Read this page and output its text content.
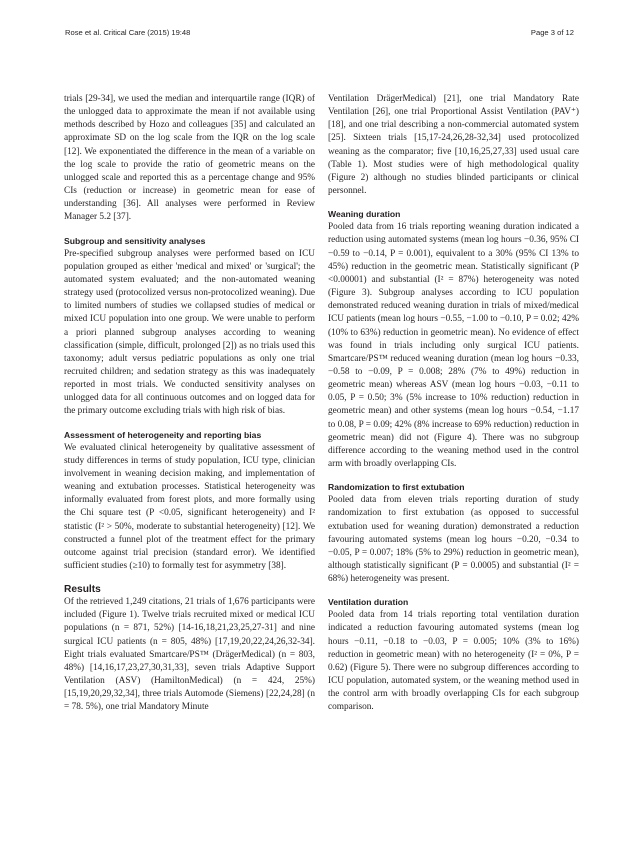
Rose et al. Critical Care (2015) 19:48	Page 3 of 12

trials [29-34], we used the median and interquartile range (IQR) of the unlogged data to approximate the mean if not available using methods described by Hozo and colleagues [35] and calculated an approximate SD on the log scale from the IQR on the log scale [12]. We exponentiated the difference in the mean of a variable on the log scale to provide the ratio of geometric means on the unlogged scale and reported this as a percentage change and 95% CIs (reduction or increase) in geometric mean for ease of understanding [36]. All analyses were performed in Review Manager 5.2 [37].

Subgroup and sensitivity analyses

Pre-specified subgroup analyses were performed based on ICU population grouped as either 'medical and mixed' or 'surgical'; the automated system evaluated; and the non-automated weaning strategy used (protocolized versus non-protocolized weaning). Due to limited numbers of studies we collapsed studies of medical or mixed ICU population into one group. We were unable to perform a priori planned subgroup analyses according to weaning classification (simple, difficult, prolonged [2]) as no trials used this taxonomy; adult versus pediatric populations as only one trial recruited children; and sedation strategy as this was inadequately reported in most trials. We conducted sensitivity analyses on unlogged data for all continuous outcomes and on logged data for the primary outcome excluding trials with high risk of bias.

Assessment of heterogeneity and reporting bias

We evaluated clinical heterogeneity by qualitative assessment of study differences in terms of study population, ICU type, clinician involvement in weaning decision making, and implementation of weaning and extubation processes. Statistical heterogeneity was informally evaluated from forest plots, and more formally using the Chi square test (P <0.05, significant heterogeneity) and I² statistic (I² > 50%, moderate to substantial heterogeneity) [12]. We constructed a funnel plot of the treatment effect for the primary outcome against trial precision (standard error). We identified sufficient studies (≥10) to formally test for asymmetry [38].

Results

Of the retrieved 1,249 citations, 21 trials of 1,676 participants were included (Figure 1). Twelve trials recruited mixed or medical ICU populations (n = 871, 52%) [14-16,18,21,23,25,27-31] and nine surgical ICU patients (n = 805, 48%) [17,19,20,22,24,26,32-34]. Eight trials evaluated Smartcare/PS™ (DrägerMedical) (n = 803, 48%) [14,16,17,23,27,30,31,33], seven trials Adaptive Support Ventilation (ASV) (HamiltonMedical) (n = 424, 25%) [15,19,20,29,32,34], three trials Automode (Siemens) [22,24,28] (n = 78. 5%), one trial Mandatory Minute

Ventilation DrägerMedical) [21], one trial Mandatory Rate Ventilation [26], one trial Proportional Assist Ventilation (PAV⁺) [18], and one trial describing a non-commercial automated system [25]. Sixteen trials [15,17-24,26,28-32,34] used protocolized weaning as the comparator; five [10,16,25,27,33] used usual care (Table 1). Most studies were of high methodological quality (Figure 2) although no studies blinded participants or clinical personnel.

Weaning duration

Pooled data from 16 trials reporting weaning duration indicated a reduction using automated systems (mean log hours −0.36, 95% CI −0.59 to −0.14, P = 0.001), equivalent to a 30% (95% CI 13% to 45%) reduction in the geometric mean. Statistically significant (P <0.00001) and substantial (I² = 87%) heterogeneity was noted (Figure 3). Subgroup analyses according to ICU population demonstrated reduced weaning duration in trials of mixed/medical ICU patients (mean log hours −0.55, −1.00 to −0.10, P = 0.02; 42% (10% to 63%) reduction in geometric mean). No evidence of effect was found in trials including only surgical ICU patients. Smartcare/PS™ reduced weaning duration (mean log hours −0.33, −0.58 to −0.09, P = 0.008; 28% (7% to 49%) reduction in geometric mean) whereas ASV (mean log hours −0.03, −0.11 to 0.05, P = 0.50; 3% (5% increase to 10% reduction) reduction in geometric mean) and other systems (mean log hours −0.54, −1.17 to 0.08, P = 0.09; 42% (8% increase to 69% reduction) reduction in geometric mean) did not (Figure 4). There was no subgroup difference according to the weaning method used in the control arm with broadly overlapping CIs.

Randomization to first extubation

Pooled data from eleven trials reporting duration of study randomization to first extubation (as opposed to successful extubation used for weaning duration) demonstrated a reduction favouring automated systems (mean log hours −0.20, −0.34 to −0.05, P = 0.007; 18% (5% to 29%) reduction in geometric mean), although statistically significant (P = 0.0005) and substantial (I² = 68%) heterogeneity was present.

Ventilation duration

Pooled data from 14 trials reporting total ventilation duration indicated a reduction favouring automated systems (mean log hours −0.11, −0.18 to −0.03, P = 0.005; 10% (3% to 16%) reduction in geometric mean) with no heterogeneity (I² = 0%, P = 0.62) (Figure 5). There were no subgroup differences according to ICU population, automated system, or the weaning method used in the control arm with broadly overlapping CIs for each subgroup comparison.
